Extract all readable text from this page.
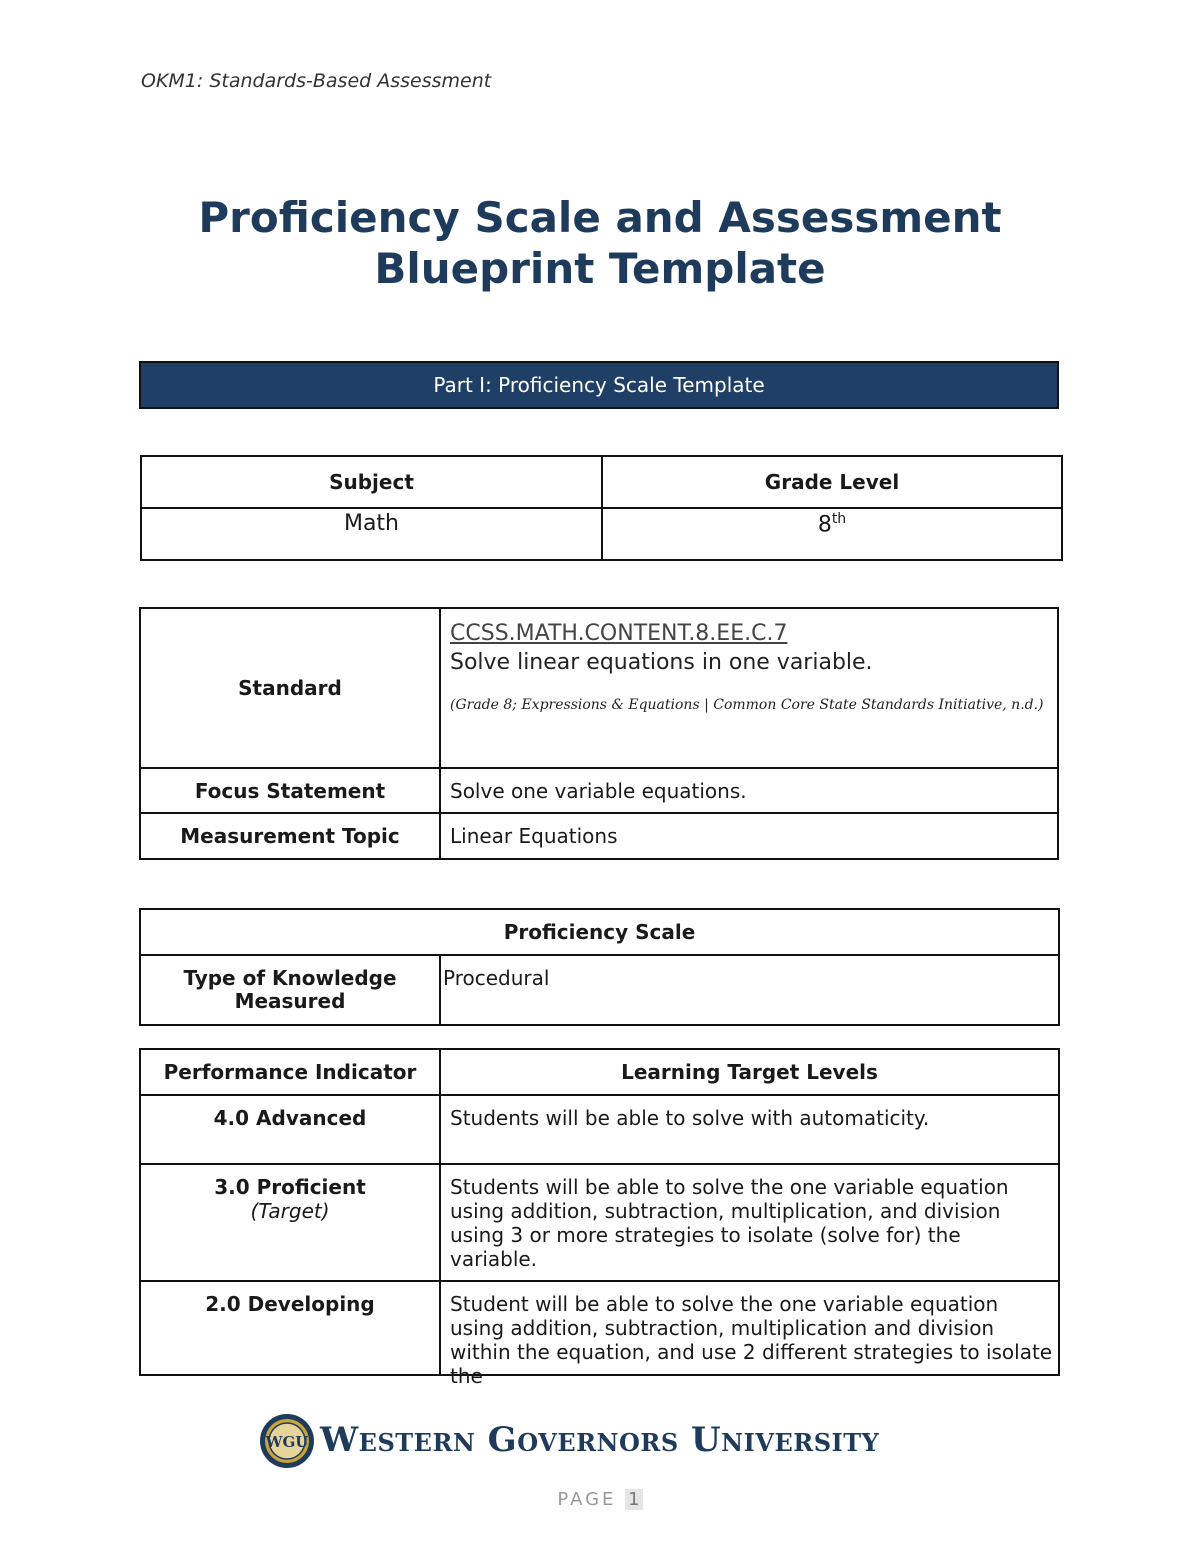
OKM1: Standards-Based Assessment
Proficiency Scale and Assessment
Blueprint Template
Part I: Proficiency Scale Template
Subject	Grade Level
Math	8th
Standard	CCSS.MATH.CONTENT.8.EE.C.7
Solve linear equations in one variable.
(Grade 8; Expressions & Equations | Common Core State Standards Initiative, n.d.)

Focus Statement	Solve one variable equations.
Measurement Topic	Linear Equations
Proficiency Scale
Type of Knowledge Measured	Procedural
Performance Indicator	Learning Target Levels
4.0 Advanced	Students will be able to solve with automaticity.

3.0 Proficient
(Target)	Students will be able to solve the one variable equation using addition, subtraction, multiplication, and division using 3 or more strategies to isolate (solve for) the variable.
2.0 Developing	Student will be able to solve the one variable equation using addition, subtraction, multiplication and division within the equation, and use 2 different strategies to isolate the
WGU Western Governors University
PAGE 1
